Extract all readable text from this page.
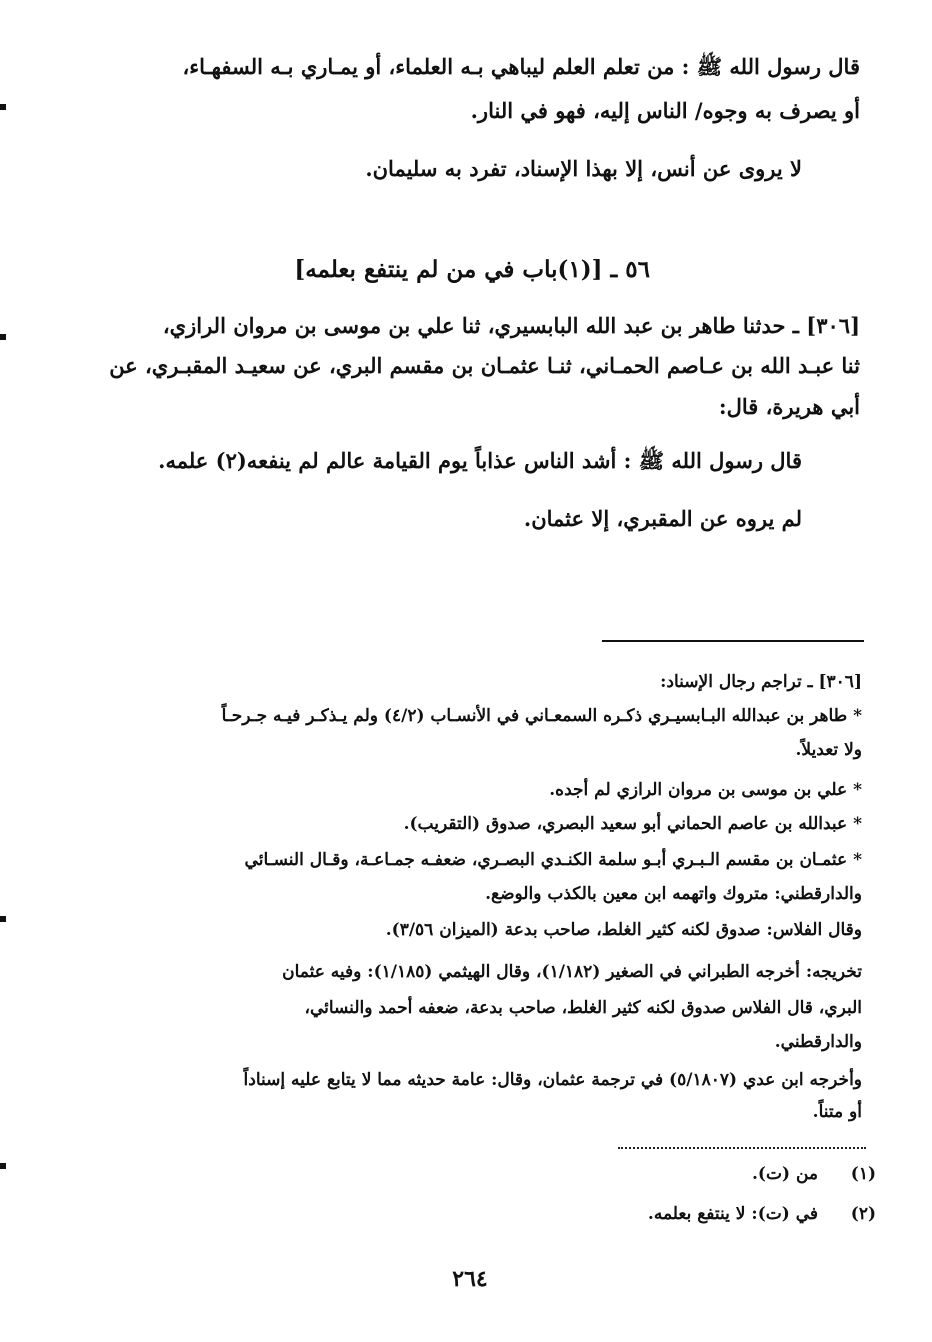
قال رسول الله ﷺ : من تعلم العلم ليباهي بـه العلماء، أو يمـاري بـه السفهـاء،
أو يصرف به وجوه/ الناس إليه، فهو في النار.
لا يروى عن أنس، إلا بهذا الإسناد، تفرد به سليمان.
٥٦ ـ [(١)باب في من لم ينتفع بعلمه]
[٣٠٦] ـ حدثنا طاهر بن عبد الله البابسيري، ثنا علي بن موسى بن مروان الرازي،
ثنا عبـد الله بن عـاصم الحمـاني، ثنـا عثمـان بن مقسم البري، عن سعيـد المقبـري، عن
أبي هريرة، قال:
قال رسول الله ﷺ : أشد الناس عذاباً يوم القيامة عالم لم ينفعه(٢) علمه.
لم يروه عن المقبري، إلا عثمان.
[٣٠٦] ـ تراجم رجال الإسناد:
* طاهر بن عبدالله البـابسيـري ذكـره السمعـاني في الأنسـاب (٤/٢) ولم يـذكـر فيـه جـرحـاً
ولا تعديلاً.
* علي بن موسى بن مروان الرازي لم أجده.
* عبدالله بن عاصم الحماني أبو سعيد البصري، صدوق (التقريب).
* عثمـان بن مقسم الـبـري أبـو سلمة الكنـدي البصـري، ضعفـه جمـاعـة، وقـال النسـائي
والدارقطني: متروك واتهمه ابن معين بالكذب والوضع.
وقال الفلاس: صدوق لكنه كثير الغلط، صاحب بدعة (الميزان ٣/٥٦).
تخريجه: أخرجه الطبراني في الصغير (١/١٨٢)، وقال الهيثمي (١/١٨٥): وفيه عثمان
البري، قال الفلاس صدوق لكنه كثير الغلط، صاحب بدعة، ضعفه أحمد والنسائي،
والدارقطني.
وأخرجه ابن عدي (٥/١٨٠٧) في ترجمة عثمان، وقال: عامة حديثه مما لا يتابع عليه إسناداً
أو متناً.
(١)
من (ت).
(٢)
في (ت): لا ينتفع بعلمه.
٢٦٤
